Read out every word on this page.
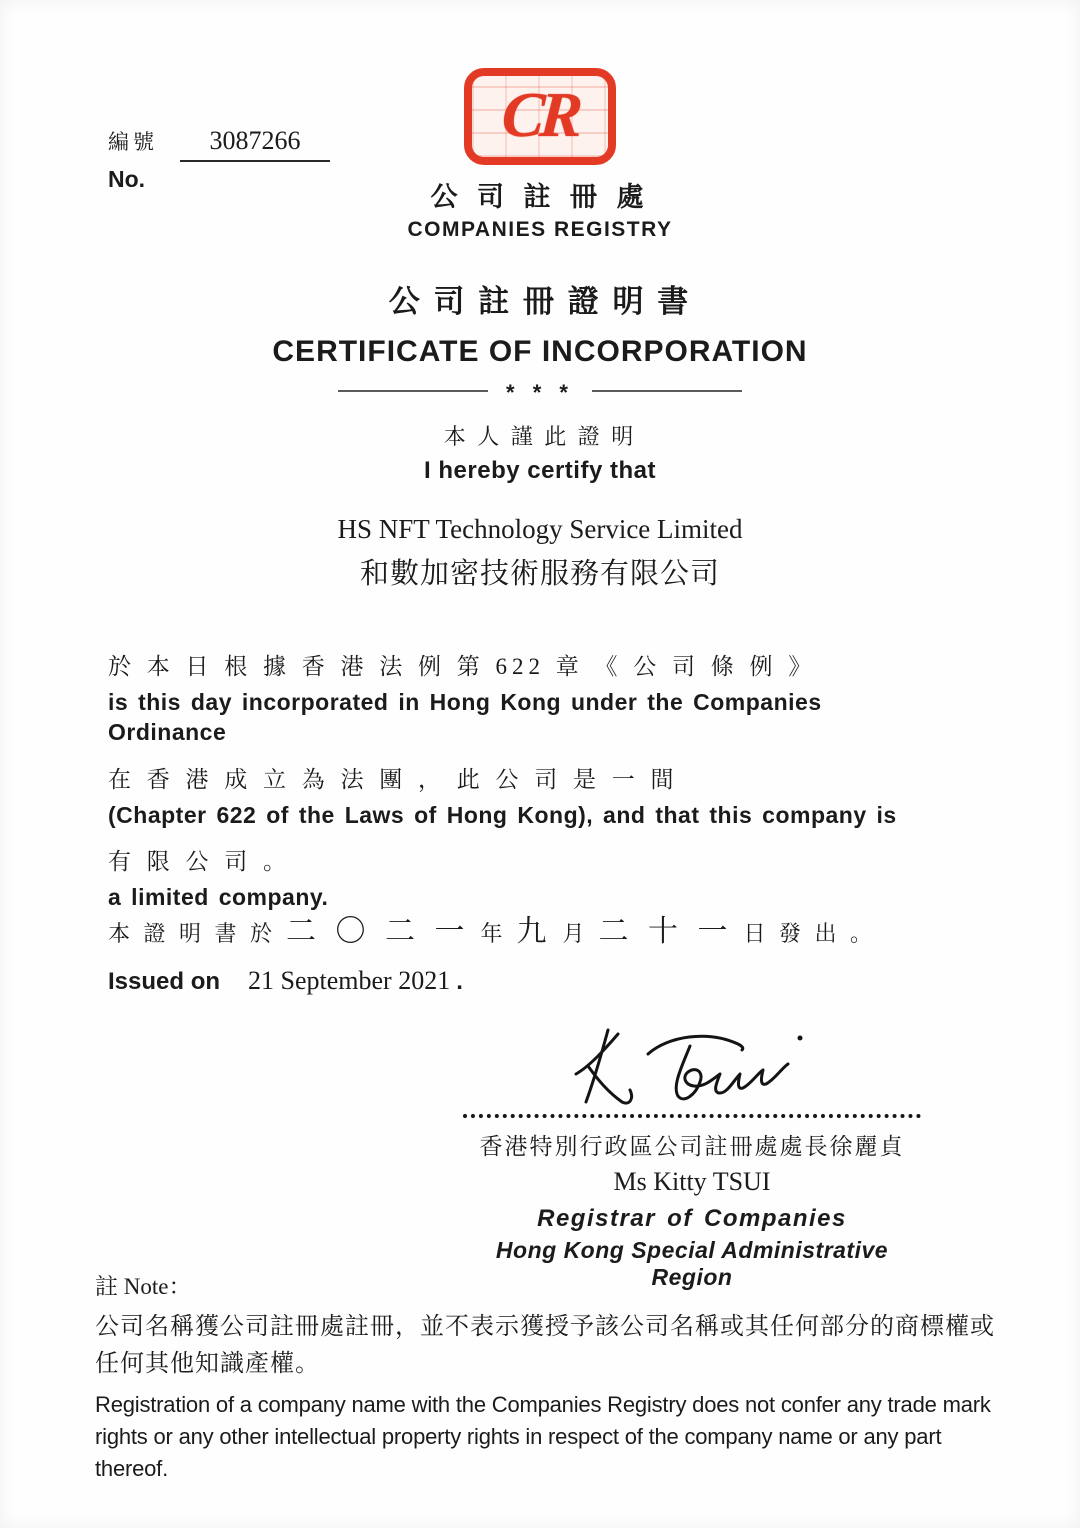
編號	3087266
No.
CR
公 司 註 冊 處
COMPANIES REGISTRY
公 司 註 冊 證 明 書
CERTIFICATE OF INCORPORATION
* * *
本 人 謹 此 證 明
I hereby certify that
HS NFT Technology Service Limited
和數加密技術服務有限公司
於 本 日 根 據 香 港 法 例 第 622 章 《 公 司 條 例 》
is this day incorporated in Hong Kong under the Companies Ordinance
在 香 港 成 立 為 法 團 ， 此 公 司 是 一 間
(Chapter 622 of the Laws of Hong Kong), and that this company is
有 限 公 司 。
a limited company.
本 證 明 書 於 二 〇 二 一 年 九 月 二 十 一 日 發 出 。
Issued on 21 September 2021 .
香港特別行政區公司註冊處處長徐麗貞
Ms Kitty TSUI
Registrar of Companies
Hong Kong Special Administrative Region
註 Note：
公司名稱獲公司註冊處註冊，並不表示獲授予該公司名稱或其任何部分的商標權或任何其他知識產權。
Registration of a company name with the Companies Registry does not confer any trade mark rights or any other intellectual property rights in respect of the company name or any part thereof.
